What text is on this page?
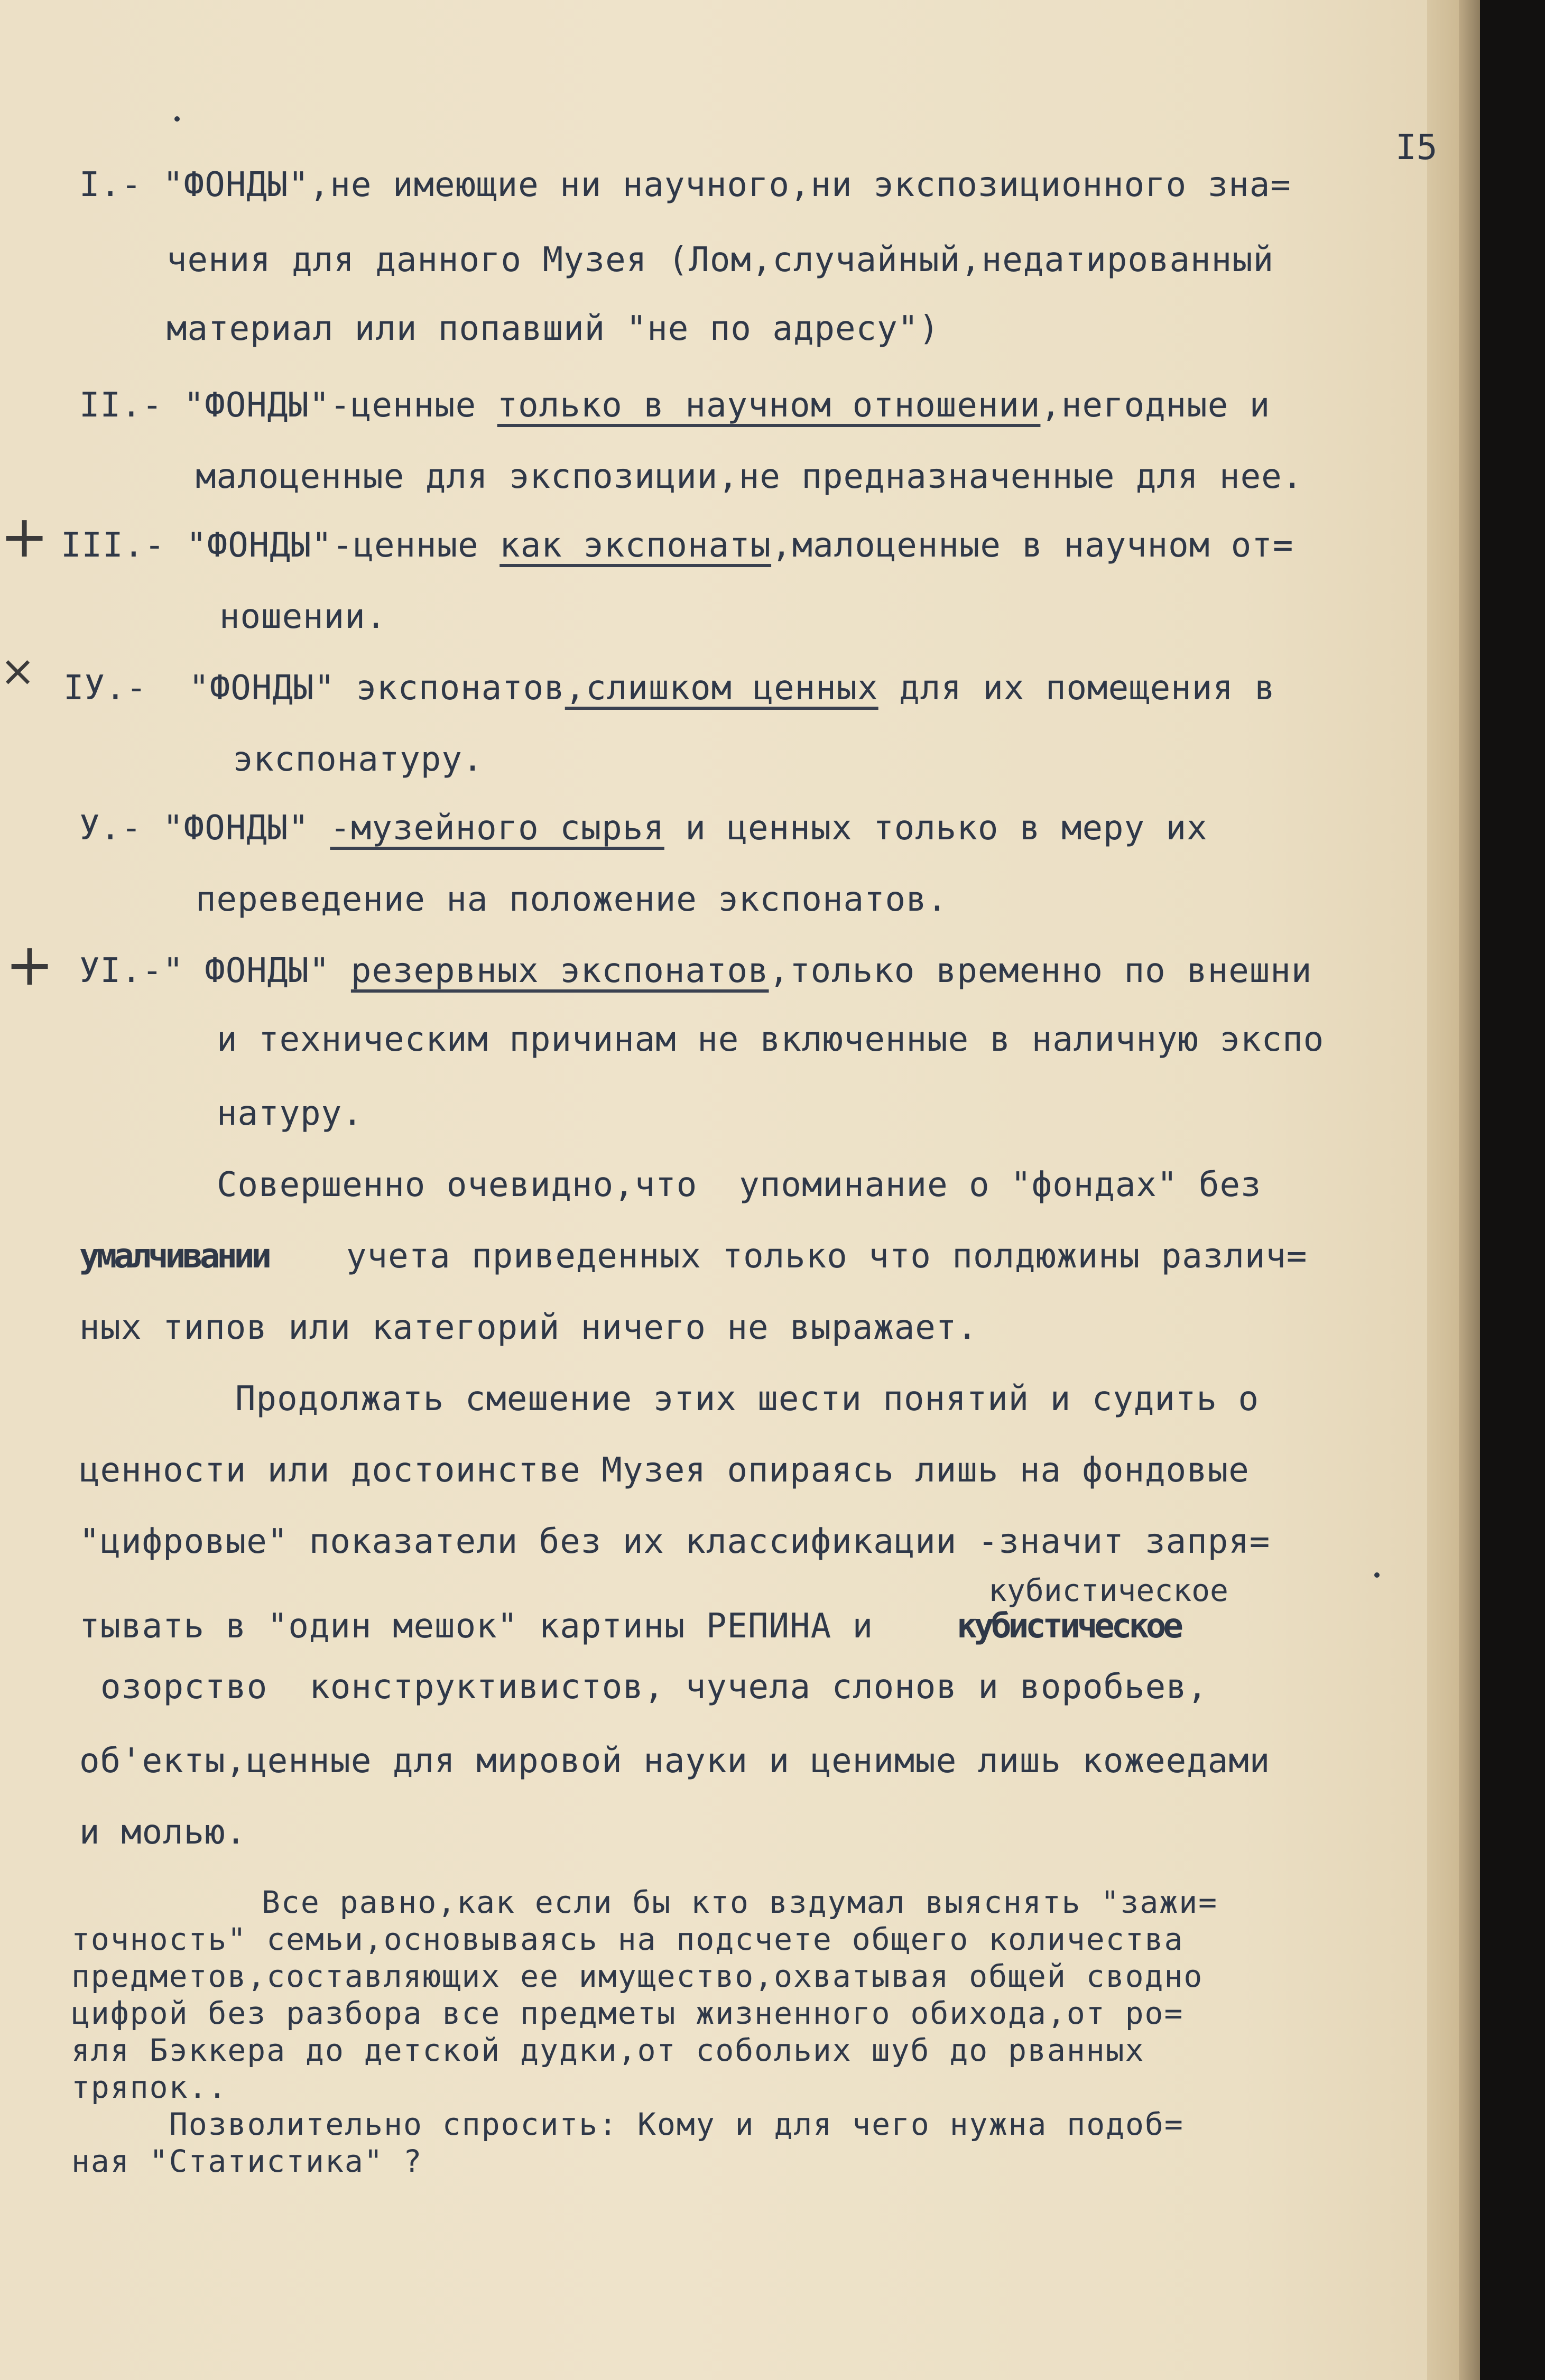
I5
I.- "ФОНДЫ",не имеющие ни научного,ни экспозиционного зна=
чения для данного Музея (Лом,случайный,недатированный
материал или попавший "не по адресу")
II.- "ФОНДЫ"-ценные только в научном отношении,негодные и
малоценные для экспозиции,не предназначенные для нее.
III.- "ФОНДЫ"-ценные как экспонаты,малоценные в научном от=
ношении.
IУ.-  "ФОНДЫ" экспонатов,слишком ценных для их помещения в
экспонатуру.
У.- "ФОНДЫ" -музейного сырья и ценных только в меру их
переведение на положение экспонатов.
УI.-" ФОНДЫ" резервных экспонатов,только временно по внешни
и техническим причинам не включенные в наличную экспо
натуру.
Совершенно очевидно,что  упоминание о "фондах" без
учета приведенных только что полдюжины различ=
ных типов или категорий ничего не выражает.
Продолжать смешение этих шести понятий и судить о
ценности или достоинстве Музея опираясь лишь на фондовые
"цифровые" показатели без их классификации -значит запря=
тывать в "один мешок" картины РЕПИНА и
озорство  конструктивистов, чучела слонов и воробьев,
об'екты,ценные для мировой науки и ценимые лишь кожеедами
и молью.
Все равно,как если бы кто вздумал выяснять "зажи=
точность" семьи,основываясь на подсчете общего количества
предметов,составляющих ее имущество,охватывая общей сводно
цифрой без разбора все предметы жизненного обихода,от ро=
яля Бэккера до детской дудки,от собольих шуб до рванных
тряпок..
Позволительно спросить: Кому и для чего нужна подоб=
ная "Статистика" ?
умалчивании
кубистическое
кубистическое
+
×
+
